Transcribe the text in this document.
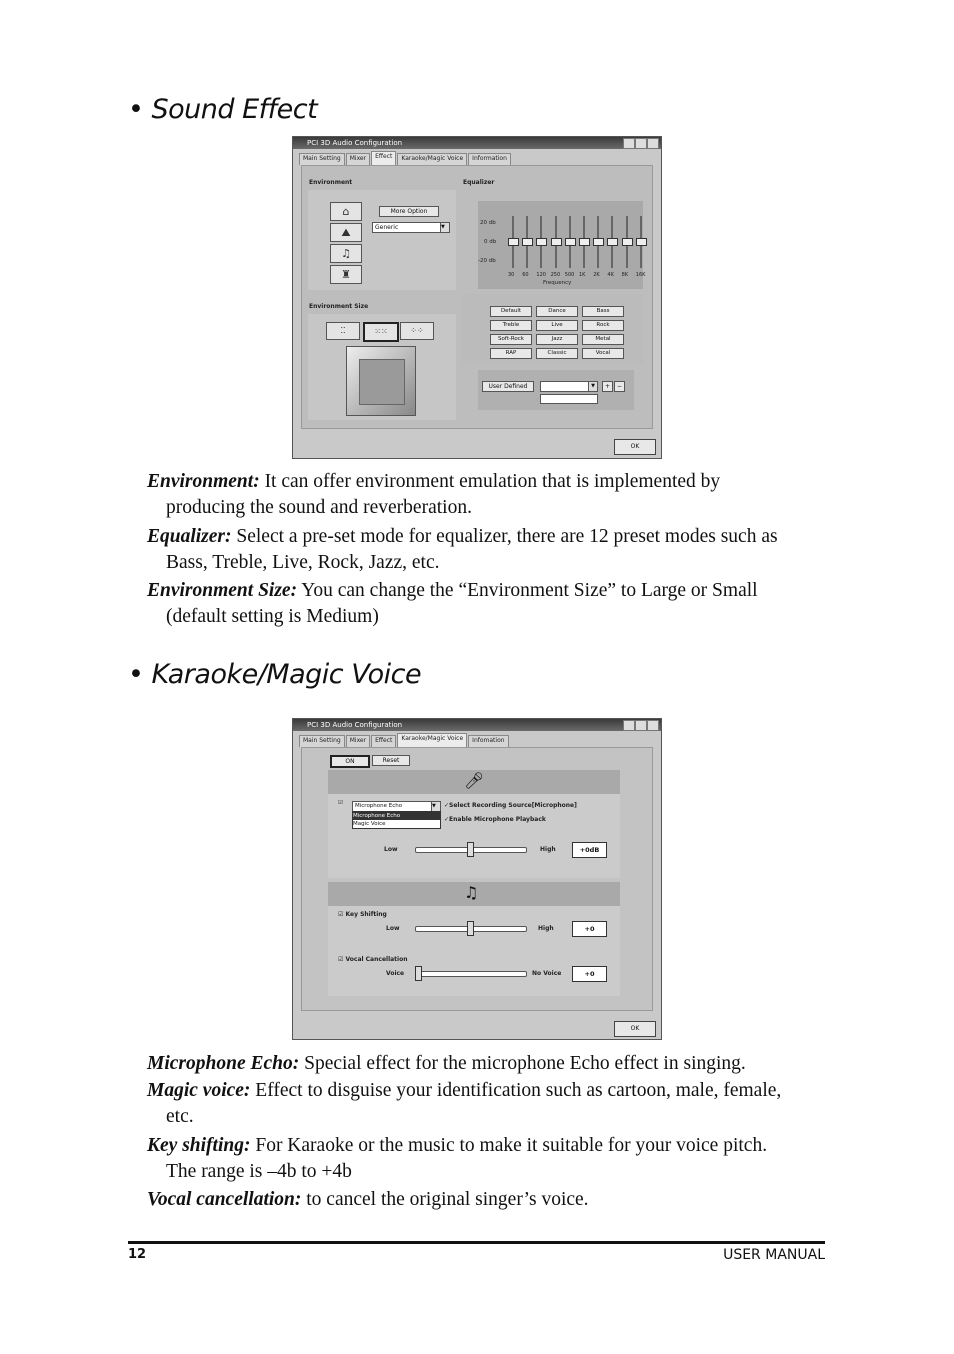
• Sound Effect
PCI 3D Audio Configuration
Main Setting	Mixer	Effect	Karaoke/Magic Voice	Information
Environment
⌂
⛰
♫
♜
More Option
Generic	▼
Environment Size
⁚⁚	⁙⁙	⁘⁘
Equalizer
20 db
0 db
-20 db
30 60 120 250 500 1K 2K 4K 8K 16K
Frequency
Default	Dance	Bass
Treble	Live	Rock
Soft-Rock	Jazz	Metal
RAP	Classic	Vocal
User Defined	▼	+	−
OK
Environment: It can offer environment emulation that is implemented by
producing the sound and reverberation.
Equalizer: Select a pre-set mode for equalizer, there are 12 preset modes such as
Bass, Treble, Live, Rock, Jazz, etc.
Environment Size: You can change the “Environment Size” to Large or Small
(default setting is Medium)
• Karaoke/Magic Voice
PCI 3D Audio Configuration
Main Setting	Mixer	Effect	Karaoke/Magic Voice	Infomation
ON	Reset
🎤︎
☑	Microphone Echo	▼
Microphone Echo
Magic Voice
✓Select Recording Source[Microphone]
✓Enable Microphone Playback
Low	High	+0dB
♫
☑ Key Shifting
Low	High	+0
☑ Vocal Cancellation
Voice	No Voice	+0
OK
Microphone Echo: Special effect for the microphone Echo effect in singing.
Magic voice: Effect to disguise your identification such as cartoon, male, female,
etc.
Key shifting: For Karaoke or the music to make it suitable for your voice pitch.
The range is –4b to +4b
Vocal cancellation: to cancel the original singer’s voice.
12	USER MANUAL
